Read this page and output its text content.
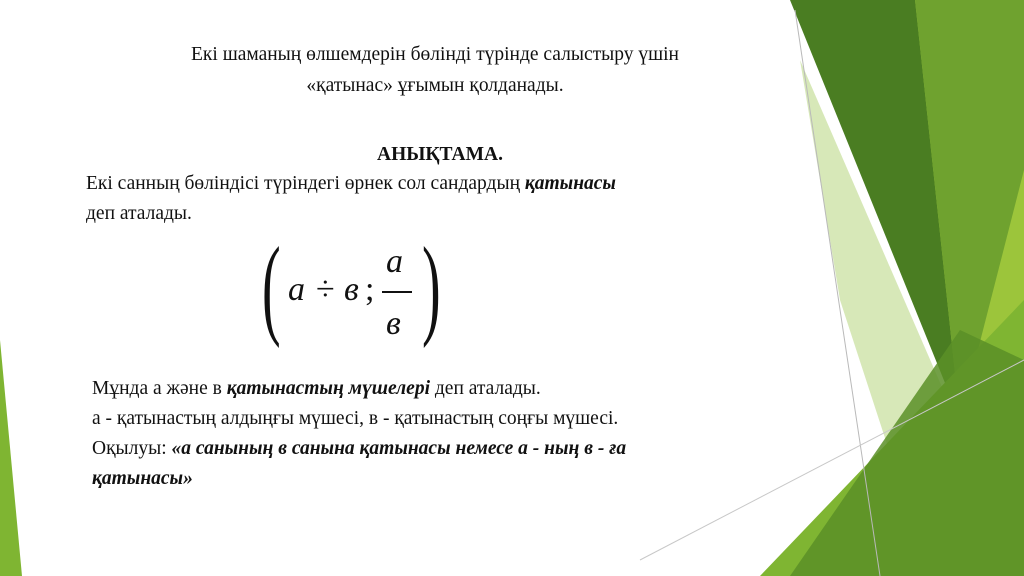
Екі шаманың өлшемдерін бөлінді түрінде салыстыру үшін
«қатынас» ұғымын қолданады.
АНЫҚТАМА.
Екі санның бөліндісі түріндегі өрнек сол сандардың қатынасы
деп аталады.
( а ÷ в ;
а
в )
Мұнда а және в қатынастың мүшелері деп аталады.
а - қатынастың алдыңғы мүшесі, в - қатынастың соңғы мүшесі.
Оқылуы: «а санының в санына қатынасы немесе а - ның в - ға
қатынасы»
